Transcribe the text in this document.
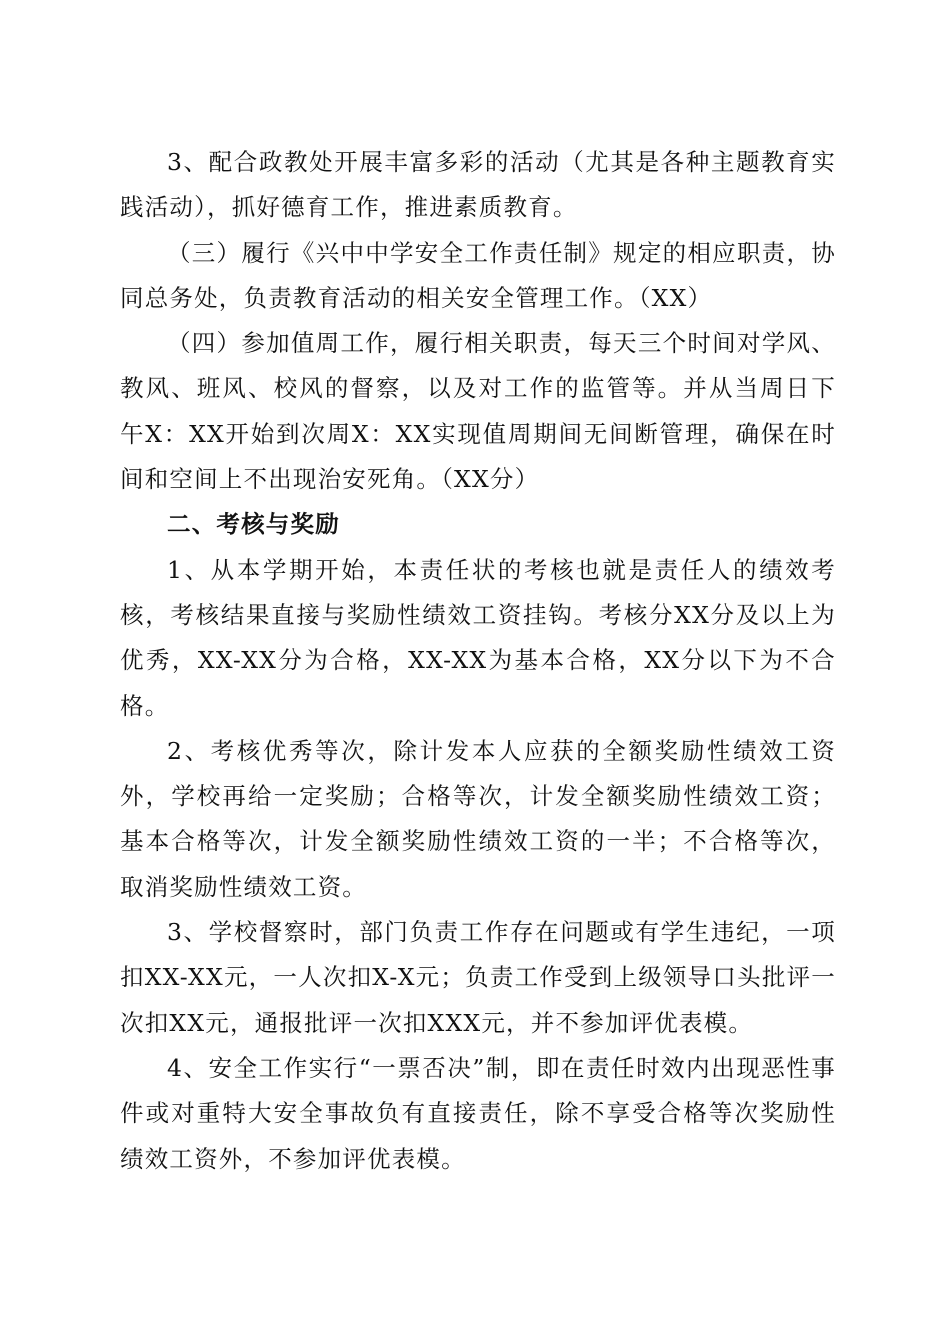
3、配合政教处开展丰富多彩的活动（尤其是各种主题教育实践活动），抓好德育工作，推进素质教育。

（三）履行《兴中中学安全工作责任制》规定的相应职责，协同总务处，负责教育活动的相关安全管理工作。（XX）

（四）参加值周工作，履行相关职责，每天三个时间对学风、教风、班风、校风的督察，以及对工作的监管等。并从当周日下午X：XX开始到次周X：XX实现值周期间无间断管理，确保在时间和空间上不出现治安死角。（XX分）

二、考核与奖励

1、从本学期开始，本责任状的考核也就是责任人的绩效考核，考核结果直接与奖励性绩效工资挂钩。考核分XX分及以上为优秀，XX-XX分为合格，XX-XX为基本合格，XX分以下为不合格。

2、考核优秀等次，除计发本人应获的全额奖励性绩效工资外，学校再给一定奖励；合格等次，计发全额奖励性绩效工资；基本合格等次，计发全额奖励性绩效工资的一半；不合格等次，取消奖励性绩效工资。

3、学校督察时，部门负责工作存在问题或有学生违纪，一项扣XX-XX元，一人次扣X-X元；负责工作受到上级领导口头批评一次扣XX元，通报批评一次扣XXX元，并不参加评优表模。

4、安全工作实行“一票否决”制，即在责任时效内出现恶性事件或对重特大安全事故负有直接责任，除不享受合格等次奖励性绩效工资外，不参加评优表模。
